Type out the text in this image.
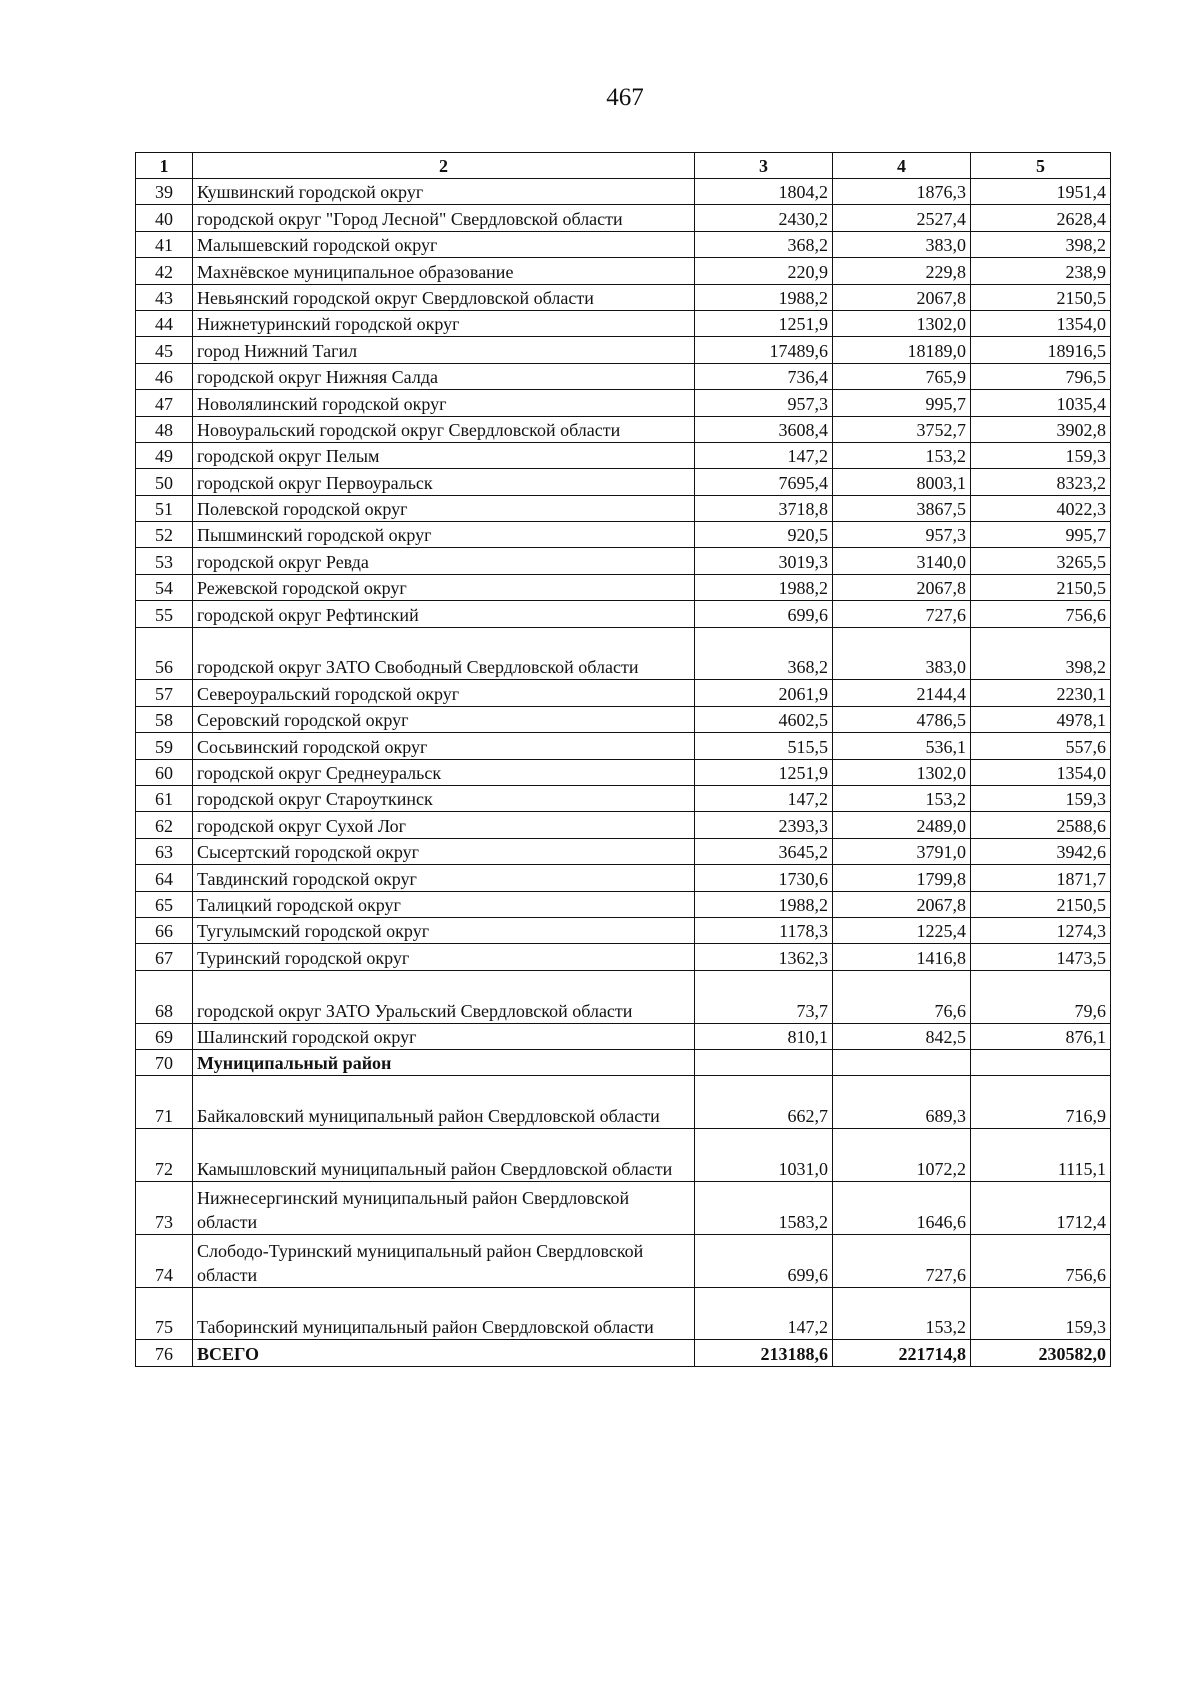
467
1	2	3	4	5
39	Кушвинский городской округ	1804,2	1876,3	1951,4
40	городской округ "Город Лесной" Свердловской области	2430,2	2527,4	2628,4
41	Малышевский городской округ	368,2	383,0	398,2
42	Махнёвское муниципальное образование	220,9	229,8	238,9
43	Невьянский городской округ Свердловской области	1988,2	2067,8	2150,5
44	Нижнетуринский городской округ	1251,9	1302,0	1354,0
45	город Нижний Тагил	17489,6	18189,0	18916,5
46	городской округ Нижняя Салда	736,4	765,9	796,5
47	Новолялинский городской округ	957,3	995,7	1035,4
48	Новоуральский городской округ Свердловской области	3608,4	3752,7	3902,8
49	городской округ Пелым	147,2	153,2	159,3
50	городской округ Первоуральск	7695,4	8003,1	8323,2
51	Полевской городской округ	3718,8	3867,5	4022,3
52	Пышминский городской округ	920,5	957,3	995,7
53	городской округ Ревда	3019,3	3140,0	3265,5
54	Режевской городской округ	1988,2	2067,8	2150,5
55	городской округ Рефтинский	699,6	727,6	756,6
56	городской округ ЗАТО Свободный Свердловской области	368,2	383,0	398,2
57	Североуральский городской округ	2061,9	2144,4	2230,1
58	Серовский городской округ	4602,5	4786,5	4978,1
59	Сосьвинский городской округ	515,5	536,1	557,6
60	городской округ Среднеуральск	1251,9	1302,0	1354,0
61	городской округ Староуткинск	147,2	153,2	159,3
62	городской округ Сухой Лог	2393,3	2489,0	2588,6
63	Сысертский городской округ	3645,2	3791,0	3942,6
64	Тавдинский городской округ	1730,6	1799,8	1871,7
65	Талицкий городской округ	1988,2	2067,8	2150,5
66	Тугулымский городской округ	1178,3	1225,4	1274,3
67	Туринский городской округ	1362,3	1416,8	1473,5
68	городской округ ЗАТО Уральский Свердловской области	73,7	76,6	79,6
69	Шалинский городской округ	810,1	842,5	876,1
70	Муниципальный район			
71	Байкаловский муниципальный район Свердловской области	662,7	689,3	716,9
72	Камышловский муниципальный район Свердловской области	1031,0	1072,2	1115,1
73	Нижнесергинский муниципальный район Свердловской области	1583,2	1646,6	1712,4
74	Слободо-Туринский муниципальный район Свердловской области	699,6	727,6	756,6
75	Таборинский муниципальный район Свердловской области	147,2	153,2	159,3
76	ВСЕГО	213188,6	221714,8	230582,0
